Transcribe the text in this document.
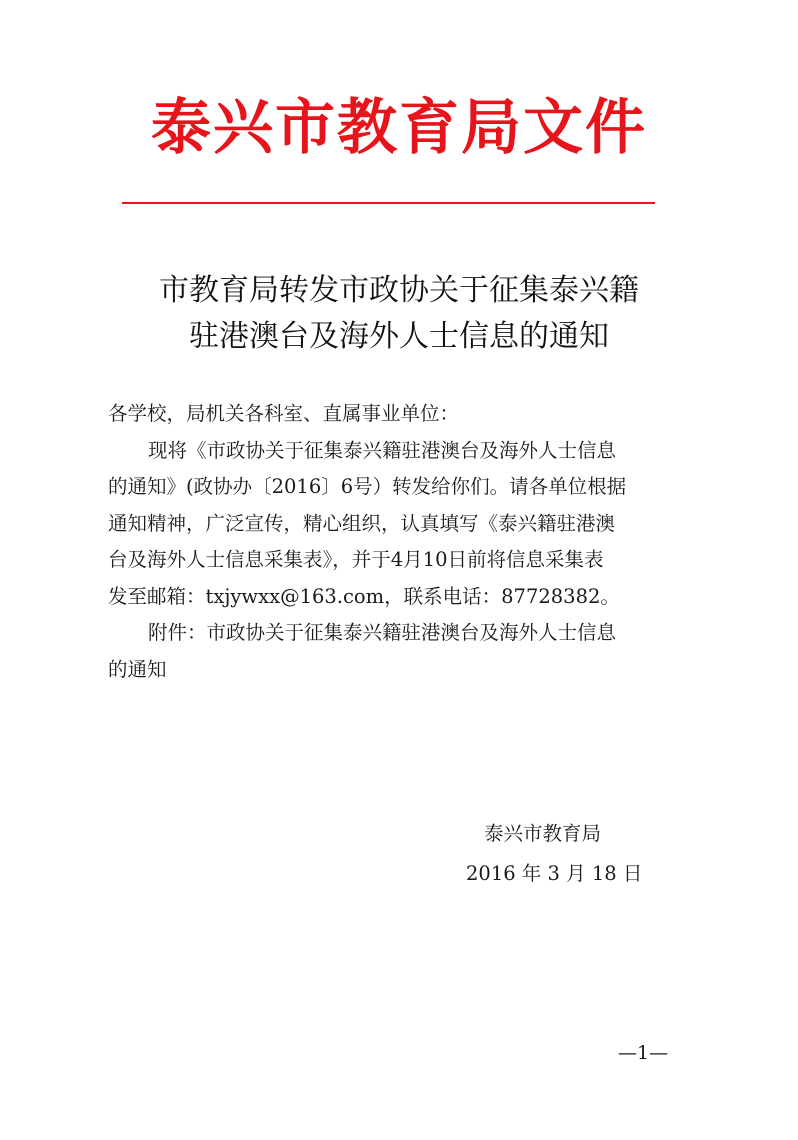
泰兴市教育局文件
市教育局转发市政协关于征集泰兴籍
驻港澳台及海外人士信息的通知
各学校，局机关各科室、直属事业单位：
现将《市政协关于征集泰兴籍驻港澳台及海外人士信息
的通知》(政协办〔2016〕6号）转发给你们。请各单位根据
通知精神，广泛宣传，精心组织，认真填写《泰兴籍驻港澳
台及海外人士信息采集表》，并于4月10日前将信息采集表
发至邮箱：txjywxx@163.com，联系电话：87728382。
附件：市政协关于征集泰兴籍驻港澳台及海外人士信息
的通知
泰兴市教育局
2016 年 3 月 18 日
—1—
